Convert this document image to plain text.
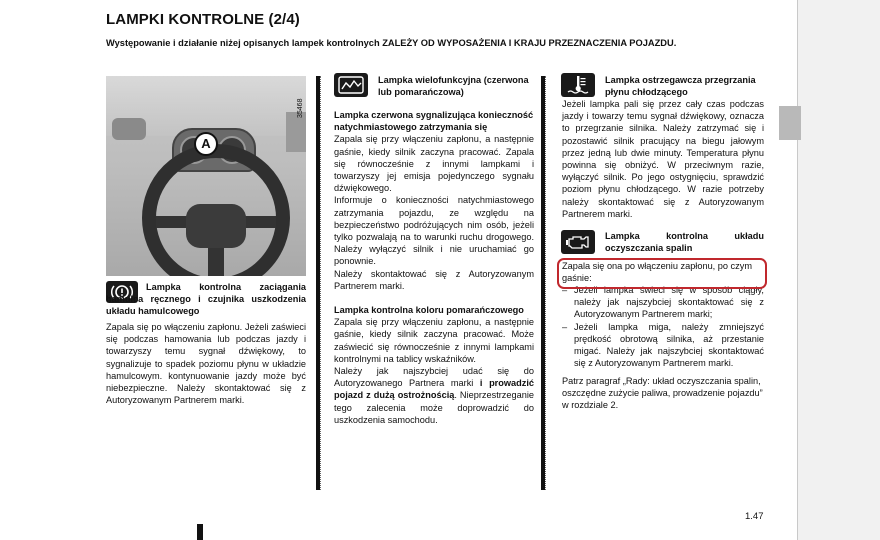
LAMPKI KONTROLNE (2/4)
Występowanie i działanie niżej opisanych lampek kontrolnych ZALEŻY OD WYPOSAŻENIA I KRAJU PRZEZNACZENIA POJAZDU.
A
35468
Lampka kontrolna zaciągania hamulca ręcznego i czujnika uszkodzenia układu hamulcowego
Zapala się po włączeniu zapłonu. Jeżeli zaświeci się podczas hamowania lub podczas jazdy i towarzyszy temu sygnał dźwiękowy, to sygnalizuje to spadek poziomu płynu w układzie hamulcowym. kontynuowanie jazdy może być niebezpieczne. Należy skontaktować się z Autoryzowanym Partnerem marki.
Lampka wielofunkcyjna (czerwona lub pomarańczowa)

Lampka czerwona sygnalizująca konieczność natychmiastowego zatrzymania się

Zapala się przy włączeniu zapłonu, a następnie gaśnie, kiedy silnik zaczyna pracować. Zapala się równocześnie z innymi lampkami i towarzyszy jej emisja pojedynczego sygnału dźwiękowego.

Informuje o konieczności natychmiastowego zatrzymania pojazdu, ze względu na bezpieczeństwo podróżujących nim osób, jeżeli tylko pozwalają na to warunki ruchu drogowego. Należy wyłączyć silnik i nie uruchamiać go ponownie.

Należy skontaktować się z Autoryzowanym Partnerem marki.

Lampka kontrolna koloru pomarańczowego

Zapala się przy włączeniu zapłonu, a następnie gaśnie, kiedy silnik zaczyna pracować. Może zaświecić się równocześnie z innymi lampkami kontrolnymi na tablicy wskaźników.

Należy jak najszybciej udać się do Autoryzowanego Partnera marki i prowadzić pojazd z dużą ostrożnością. Nieprzestrzeganie tego zalecenia może doprowadzić do uszkodzenia samochodu.

Lampka ostrzegawcza przegrzania płynu chłodzącego
Jeżeli lampka pali się przez cały czas podczas jazdy i towarzy temu sygnał dźwiękowy, oznacza to przegrzanie silnika. Należy zatrzymać się i pozostawić silnik pracujący na biegu jałowym przez jedną lub dwie minuty. Temperatura płynu powinna się obniżyć. W przeciwnym razie, wyłączyć silnik. Po jego ostygnięciu, sprawdzić poziom płynu chłodzącego. W razie potrzeby należy skontaktować się z Autoryzowanym Partnerem marki.
Lampka kontrolna układu oczyszczania spalin
Zapala się ona po włączeniu zapłonu, po czym gaśnie:
– Jeżeli lampka świeci się w sposób ciągły, należy jak najszybciej skontaktować się z Autoryzowanym Partnerem marki;
– Jeżeli lampka miga, należy zmniejszyć prędkość obrotową silnika, aż przestanie migać. Należy jak najszybciej skontaktować się z Autoryzowanym Partnerem marki.
Patrz paragraf „Rady: układ oczyszczania spalin, oszczędne zużycie paliwa, prowadzenie pojazdu” w rozdziale 2.
1.47
